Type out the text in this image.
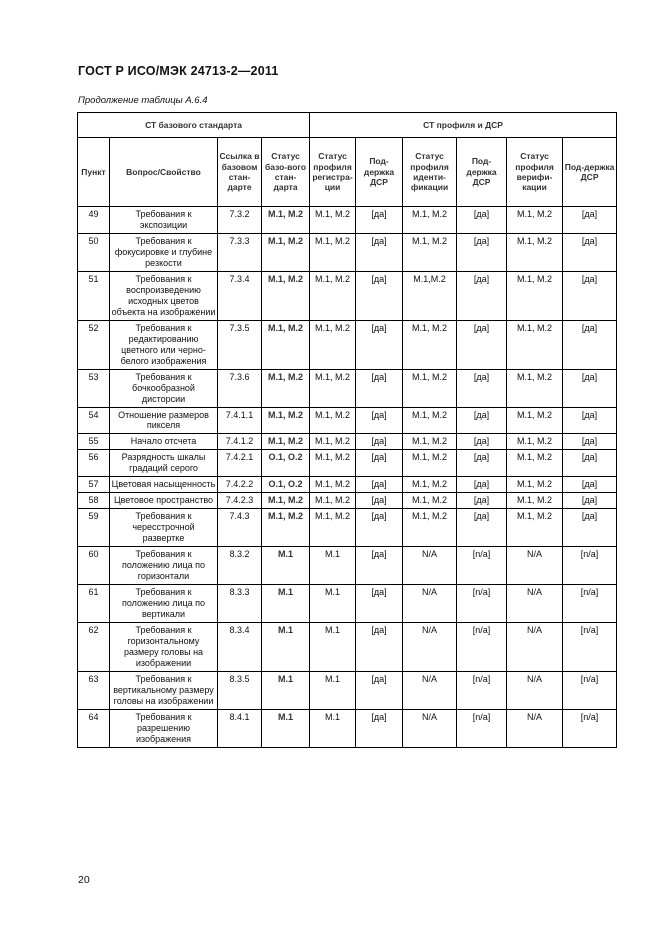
ГОСТ Р ИСО/МЭК 24713-2—2011
Продолжение таблицы A.6.4
СТ базового стандарта				СТ профиля и ДСР					
Пункт	Вопрос/Свойство	Ссылка в базовом стан-дарте	Статус базо-вого стан-дарта	Статус профиля регистра-ции	Под-держка ДСР	Статус профиля иденти-фикации	Под-держка ДСР	Статус профиля верифи-кации	Под-держка ДСР
49	Требования к экспозиции	7.3.2	M.1, M.2	M.1, M.2	[да]	M.1, M.2	[да]	M.1, M.2	[да]
50	Требования к фокусировке и глубине резкости	7.3.3	M.1, M.2	M.1, M.2	[да]	M.1, M.2	[да]	M.1, M.2	[да]
51	Требования к воспроизведению исходных цветов объекта на изображении	7.3.4	M.1, M.2	M.1, M.2	[да]	M.1,M.2	[да]	M.1, M.2	[да]
52	Требования к редактированию цветного или черно-белого изображения	7.3.5	M.1, M.2	M.1, M.2	[да]	M.1, M.2	[да]	M.1, M.2	[да]
53	Требования к бочкообразной дисторсии	7.3.6	M.1, M.2	M.1, M.2	[да]	M.1, M.2	[да]	M.1, M.2	[да]
54	Отношение размеров пикселя	7.4.1.1	M.1, M.2	M.1, M.2	[да]	M.1, M.2	[да]	M.1, M.2	[да]
55	Начало отсчета	7.4.1.2	M.1, M.2	M.1, M.2	[да]	M.1, M.2	[да]	M.1, M.2	[да]
56	Разрядность шкалы градаций серого	7.4.2.1	O.1, O.2	M.1, M.2	[да]	M.1, M.2	[да]	M.1, M.2	[да]
57	Цветовая насыщенность	7.4.2.2	O.1, O.2	M.1, M.2	[да]	M.1, M.2	[да]	M.1, M.2	[да]
58	Цветовое пространство	7.4.2.3	M.1, M.2	M.1, M.2	[да]	M.1, M.2	[да]	M.1, M.2	[да]
59	Требования к чересстрочной развертке	7.4.3	M.1, M.2	M.1, M.2	[да]	M.1, M.2	[да]	M.1, M.2	[да]
60	Требования к положению лица по горизонтали	8.3.2	M.1	M.1	[да]	N/A	[n/a]	N/A	[n/a]
61	Требования к положению лица по вертикали	8.3.3	M.1	M.1	[да]	N/A	[n/a]	N/A	[n/a]
62	Требования к горизонтальному размеру головы на изображении	8.3.4	M.1	M.1	[да]	N/A	[n/a]	N/A	[n/a]
63	Требования к вертикальному размеру головы на изображении	8.3.5	M.1	M.1	[да]	N/A	[n/a]	N/A	[n/a]
64	Требования к разрешению изображения	8.4.1	M.1	M.1	[да]	N/A	[n/a]	N/A	[n/a]
20
